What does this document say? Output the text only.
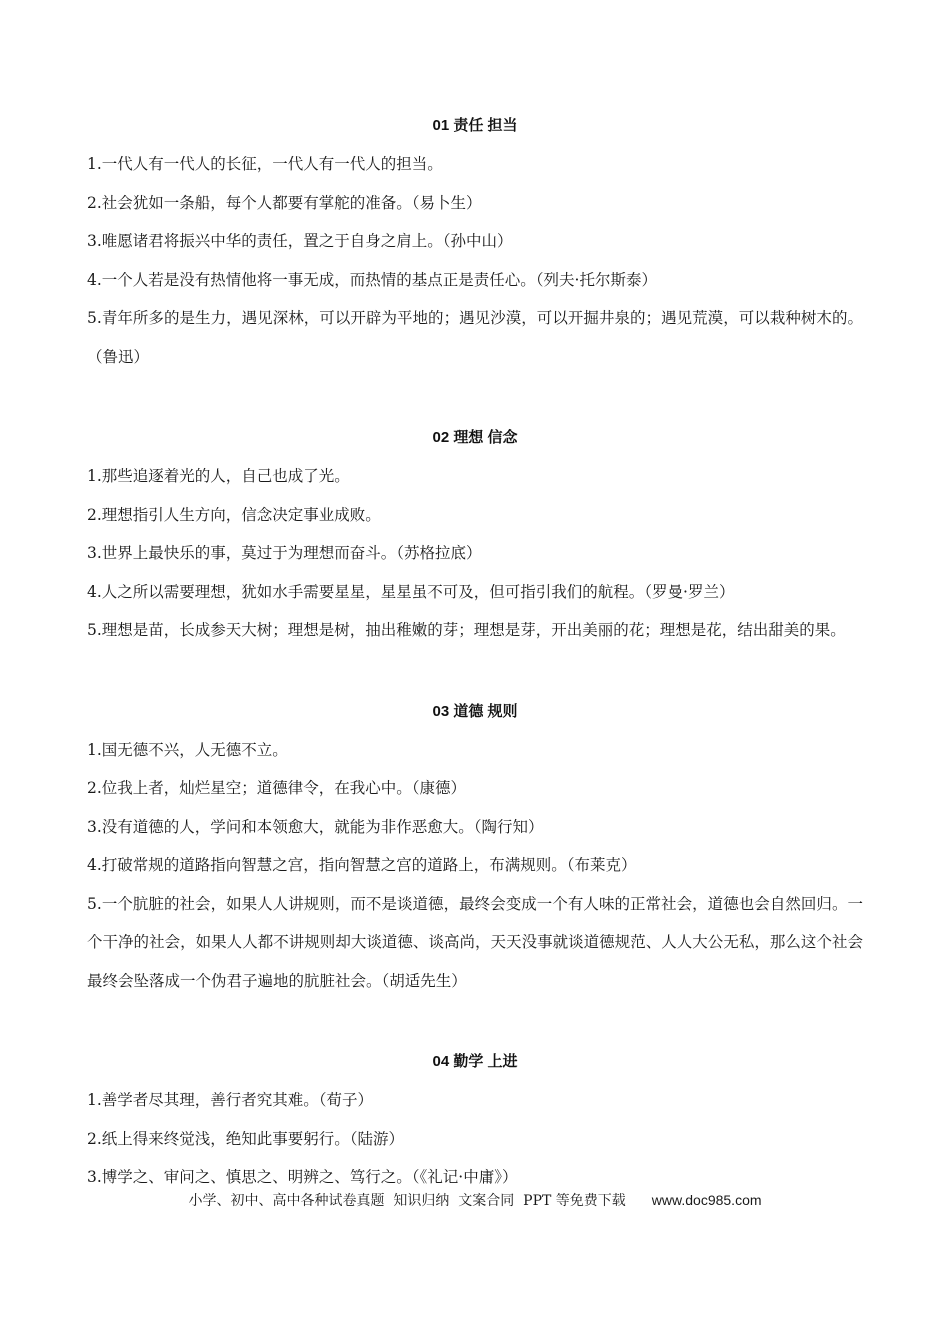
01 责任 担当

1.一代人有一代人的长征，一代人有一代人的担当。

2.社会犹如一条船，每个人都要有掌舵的准备。（易卜生）

3.唯愿诸君将振兴中华的责任，置之于自身之肩上。（孙中山）

4.一个人若是没有热情他将一事无成，而热情的基点正是责任心。（列夫·托尔斯泰）

5.青年所多的是生力，遇见深林，可以开辟为平地的；遇见沙漠，可以开掘井泉的；遇见荒漠，可以栽种树木的。（鲁迅）

02 理想 信念

1.那些追逐着光的人，自己也成了光。

2.理想指引人生方向，信念决定事业成败。

3.世界上最快乐的事，莫过于为理想而奋斗。（苏格拉底）

4.人之所以需要理想，犹如水手需要星星，星星虽不可及，但可指引我们的航程。（罗曼·罗兰）

5.理想是苗，长成参天大树；理想是树，抽出稚嫩的芽；理想是芽，开出美丽的花；理想是花，结出甜美的果。

03 道德 规则

1.国无德不兴，人无德不立。

2.位我上者，灿烂星空；道德律令，在我心中。（康德）

3.没有道德的人，学问和本领愈大，就能为非作恶愈大。（陶行知）

4.打破常规的道路指向智慧之宫，指向智慧之宫的道路上，布满规则。（布莱克）

5.一个肮脏的社会，如果人人讲规则，而不是谈道德，最终会变成一个有人味的正常社会，道德也会自然回归。一个干净的社会，如果人人都不讲规则却大谈道德、谈高尚，天天没事就谈道德规范、人人大公无私，那么这个社会最终会坠落成一个伪君子遍地的肮脏社会。（胡适先生）

04 勤学 上进

1.善学者尽其理，善行者究其难。（荀子）

2.纸上得来终觉浅，绝知此事要躬行。（陆游）

3.博学之、审问之、慎思之、明辨之、笃行之。（《礼记·中庸》）

小学、初中、高中各种试卷真题  知识归纳  文案合同  PPT 等免费下载 www.doc985.com
